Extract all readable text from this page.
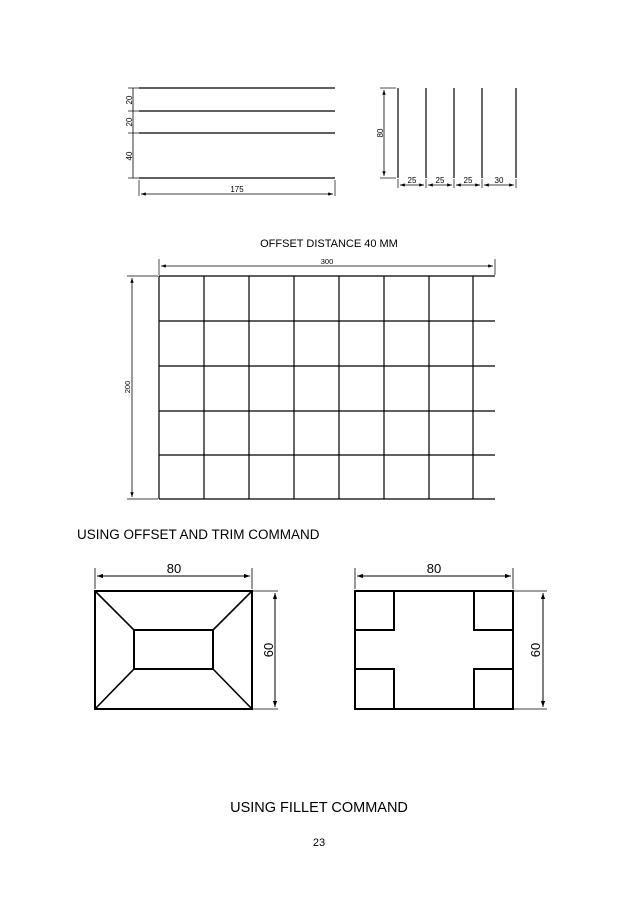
20
20
40
175
80
25 25 25	30
OFFSET DISTANCE 40 MM
300
200
80
60
80
60
USING OFFSET AND TRIM COMMAND
USING FILLET COMMAND
23
